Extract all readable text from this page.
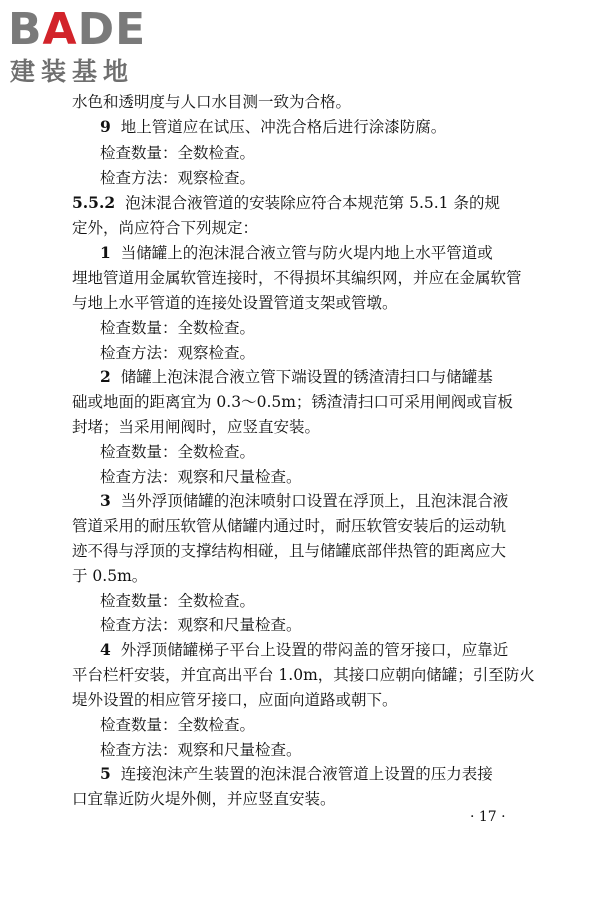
BADE
建装基地
水色和透明度与人口水目测一致为合格。
9 地上管道应在试压、冲洗合格后进行涂漆防腐。
检查数量：全数检查。
检查方法：观察检查。
5.5.2 泡沫混合液管道的安装除应符合本规范第 5.5.1 条的规
定外，尚应符合下列规定：
1 当储罐上的泡沫混合液立管与防火堤内地上水平管道或
埋地管道用金属软管连接时，不得损坏其编织网，并应在金属软管
与地上水平管道的连接处设置管道支架或管墩。
检查数量：全数检查。
检查方法：观察检查。
2 储罐上泡沫混合液立管下端设置的锈渣清扫口与储罐基
础或地面的距离宜为 0.3～0.5m；锈渣清扫口可采用闸阀或盲板
封堵；当采用闸阀时，应竖直安装。
检查数量：全数检查。
检查方法：观察和尺量检查。
3 当外浮顶储罐的泡沫喷射口设置在浮顶上，且泡沫混合液
管道采用的耐压软管从储罐内通过时，耐压软管安装后的运动轨
迹不得与浮顶的支撑结构相碰，且与储罐底部伴热管的距离应大
于 0.5m。
检查数量：全数检查。
检查方法：观察和尺量检查。
4 外浮顶储罐梯子平台上设置的带闷盖的管牙接口，应靠近
平台栏杆安装，并宜高出平台 1.0m，其接口应朝向储罐；引至防火
堤外设置的相应管牙接口，应面向道路或朝下。
检查数量：全数检查。
检查方法：观察和尺量检查。
5 连接泡沫产生装置的泡沫混合液管道上设置的压力表接
口宜靠近防火堤外侧，并应竖直安装。
· 17 ·
